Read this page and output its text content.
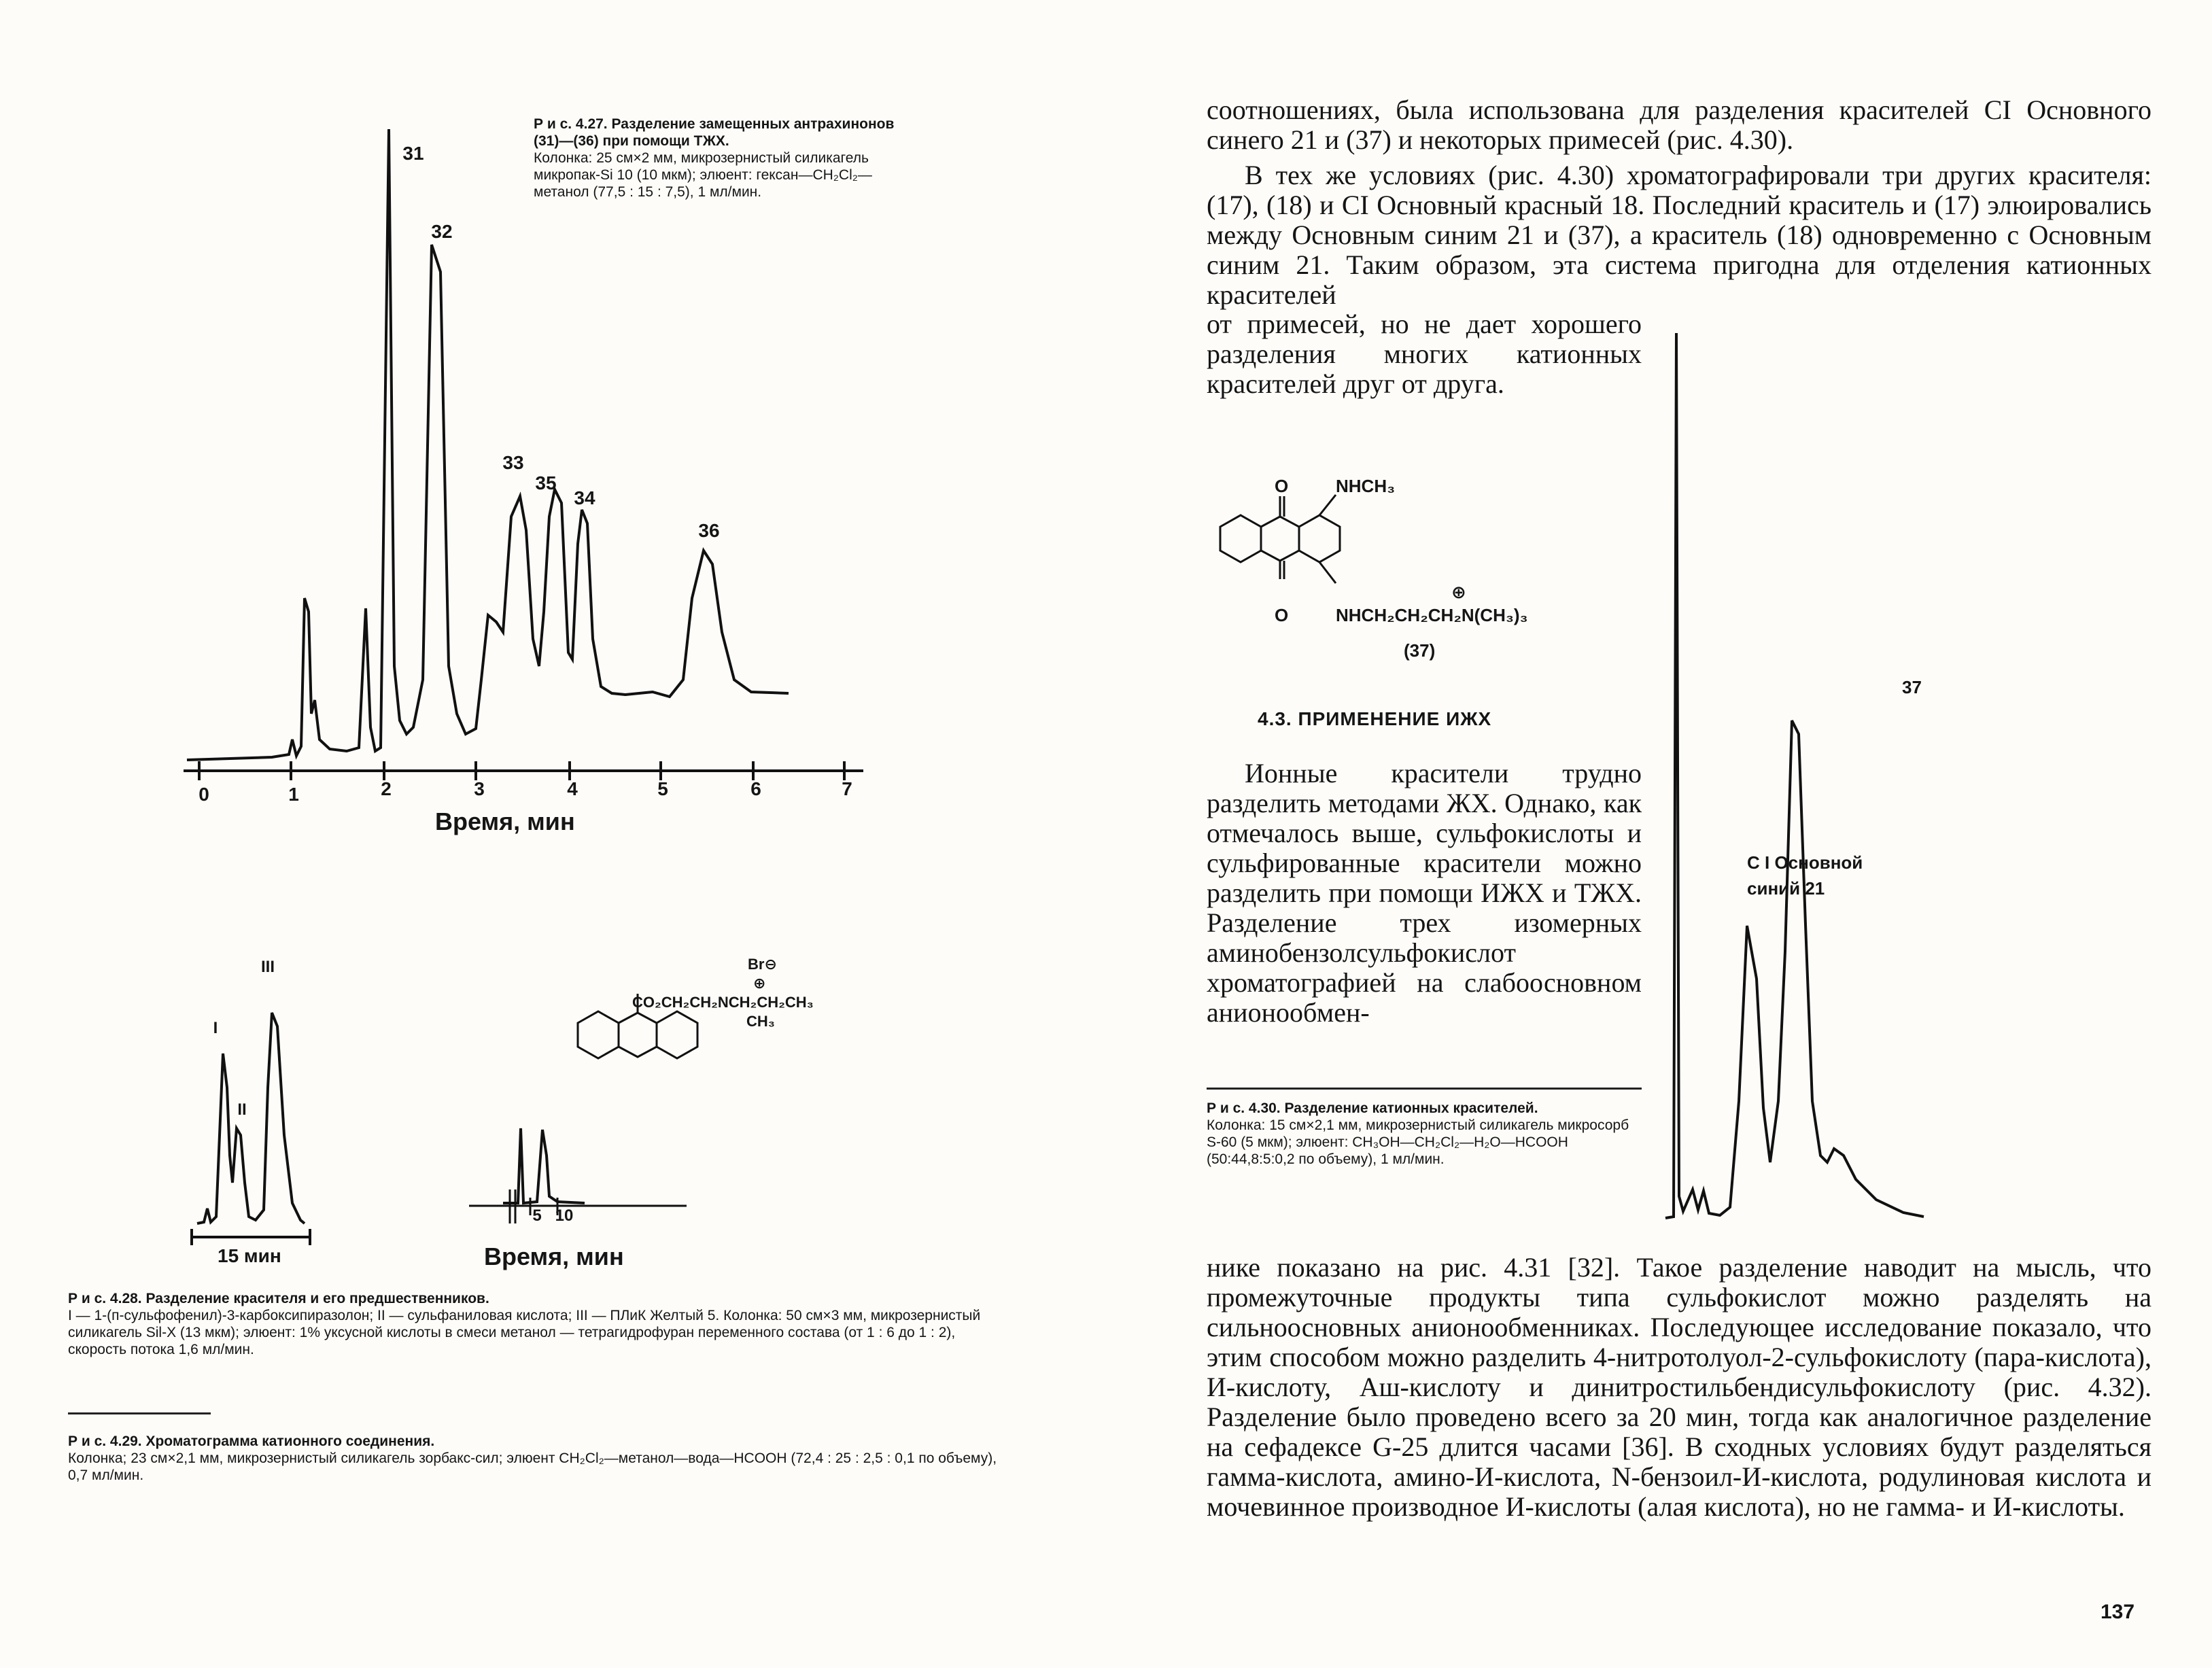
0	1	2	3	4	5	6	7
31
32
33
35
34
36
Время, мин
Р и с. 4.27. Разделение замещенных антрахинонов (31)—(36) при помощи ТЖХ.
Колонка: 25 см×2 мм, микрозернистый силикагель микропак-Si 10 (10 мкм); элюент: гексан—CH₂Cl₂—метанол (77,5 : 15 : 7,5), 1 мл/мин.
I
II
III
15 мин
5 10
Br⊖
⊕
CO₂CH₂CH₂NCH₂CH₂CH₃
CH₃
Время, мин
Р и с. 4.28. Разделение красителя и его предшественников.
I — 1-(п-сульфофенил)-3-карбоксипиразолон; II — сульфаниловая кислота; III — ПЛиК Желтый 5. Колонка: 50 см×3 мм, микрозернистый силикагель Sil-X (13 мкм); элюент: 1% уксусной кислоты в смеси метанол — тетрагидрофуран переменного состава (от 1 : 6 до 1 : 2), скорость потока 1,6 мл/мин.
Р и с. 4.29. Хроматограмма катионного соединения.
Колонка; 23 см×2,1 мм, микрозернистый силикагель зорбакс-сил; элюент CH₂Cl₂—метанол—вода—HCOOH (72,4 : 25 : 2,5 : 0,1 по объему), 0,7 мл/мин.

соотношениях, была использована для разделения красителей CI Основного синего 21 и (37) и некоторых примесей (рис. 4.30).

В тех же условиях (рис. 4.30) хроматографировали три других красителя: (17), (18) и CI Основный красный 18. Последний краситель и (17) элюировались между Основным синим 21 и (37), а краситель (18) одновременно с Основным синим 21. Таким образом, эта система пригодна для отделения катионных красителей

от примесей, но не дает хорошего разделения многих катионных красителей друг от друга.

O	NHCH₃
⊕
O	NHCH₂CH₂CH₂N(CH₃)₃
(37)
4.3. ПРИМЕНЕНИЕ ИЖХ

Ионные красители трудно разделить методами ЖХ. Однако, как отмечалось выше, сульфокислоты и сульфированные красители можно разделить при помощи ИЖХ и ТЖХ. Разделение трех изомерных аминобензолсульфокислот хроматографией на слабоосновном анионообмен-

37
C I Основной
синий 21
Р и с. 4.30. Разделение катионных красителей.
Колонка: 15 см×2,1 мм, микрозернистый силикагель микросорб S-60 (5 мкм); элюент: CH₃OH—CH₂Cl₂—H₂O—HCOOH (50:44,8:5:0,2 по объему), 1 мл/мин.

нике показано на рис. 4.31 [32]. Такое разделение наводит на мысль, что промежуточные продукты типа сульфокислот можно разделять на сильноосновных анионообменниках. Последующее исследование показало, что этим способом можно разделить 4-нитротолуол-2-сульфокислоту (пара-кислота), И-кислоту, Аш-кислоту и динитростильбендисульфокислоту (рис. 4.32). Разделение было проведено всего за 20 мин, тогда как аналогичное разделение на сефадексе G-25 длится часами [36]. В сходных условиях будут разделяться гамма-кислота, амино-И-кислота, N-бензоил-И-кислота, родулиновая кислота и мочевинное производное И-кислоты (алая кислота), но не гамма- и И-кислоты.

137
